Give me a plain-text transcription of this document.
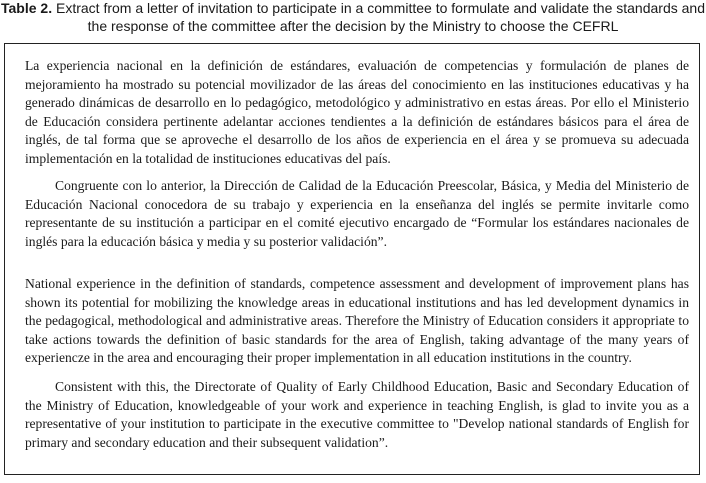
Table 2. Extract from a letter of invitation to participate in a committee to formulate and validate the standards and the response of the committee after the decision by the Ministry to choose the CEFRL

La experiencia nacional en la definición de estándares, evaluación de competencias y formulación de planes de mejoramiento ha mostrado su potencial movilizador de las áreas del conocimiento en las instituciones educativas y ha generado dinámicas de desarrollo en lo pedagógico, metodológico y administrativo en estas áreas. Por ello el Ministerio de Educación considera pertinente adelantar acciones tendientes a la definición de estándares básicos para el área de inglés, de tal forma que se aproveche el desarrollo de los años de experiencia en el área y se promueva su adecuada implementación en la totalidad de instituciones educativas del país.

Congruente con lo anterior, la Dirección de Calidad de la Educación Preescolar, Básica, y Media del Ministerio de Educación Nacional conocedora de su trabajo y experiencia en la enseñanza del inglés se permite invitarle como representante de su institución a participar en el comité ejecutivo encargado de “Formular los estándares nacionales de inglés para la educación básica y media y su posterior validación”.

National experience in the definition of standards, competence assessment and development of improvement plans has shown its potential for mobilizing the knowledge areas in educational institutions and has led development dynamics in the pedagogical, methodological and administrative areas. Therefore the Ministry of Education considers it appropriate to take actions towards the definition of basic standards for the area of English, taking advantage of the many years of experiencze in the area and encouraging their proper implementation in all education institutions in the country.

Consistent with this, the Directorate of Quality of Early Childhood Education, Basic and Secondary Education of the Ministry of Education, knowledgeable of your work and experience in teaching English, is glad to invite you as a representative of your institution to participate in the executive committee to "Develop national standards of English for primary and secondary education and their subsequent validation”.
